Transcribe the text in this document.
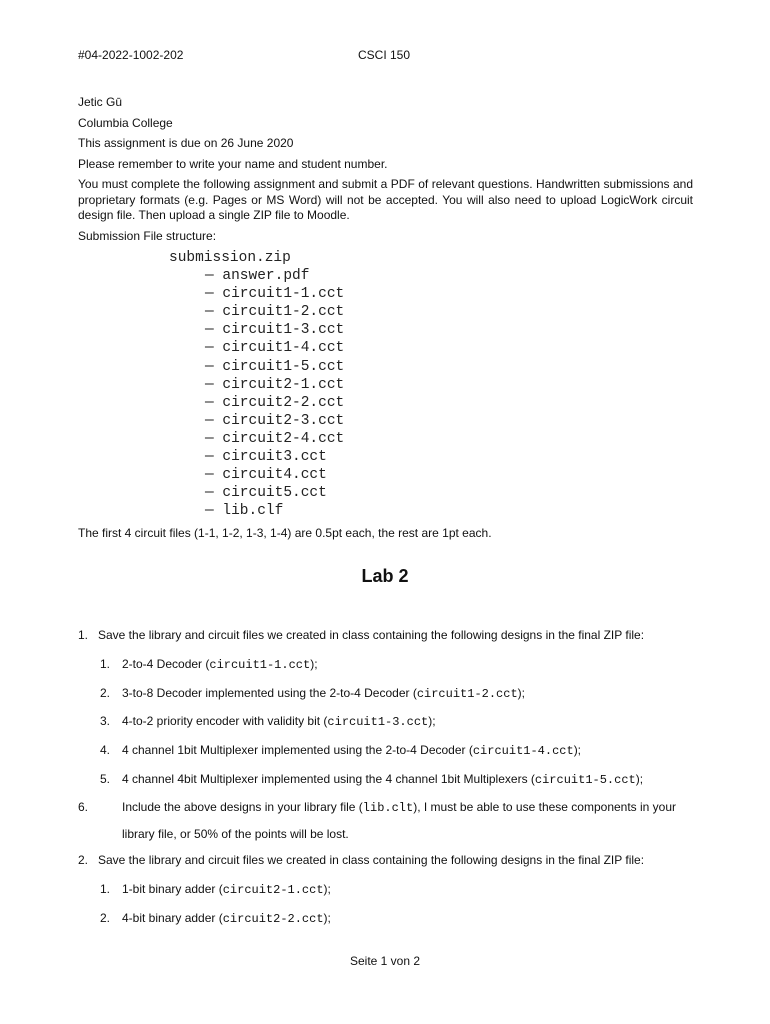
#04-2022-1002-202	CSCI 150

Jetic Gū

Columbia College

This assignment is due on 26 June 2020

Please remember to write your name and student number.

You must complete the following assignment and submit a PDF of relevant questions. Handwritten submissions and proprietary formats (e.g. Pages or MS Word) will not be accepted. You will also need to upload LogicWork circuit design file. Then upload a single ZIP file to Moodle.

Submission File structure:

submission.zip
— answer.pdf
— circuit1-1.cct
— circuit1-2.cct
— circuit1-3.cct
— circuit1-4.cct
— circuit1-5.cct
— circuit2-1.cct
— circuit2-2.cct
— circuit2-3.cct
— circuit2-4.cct
— circuit3.cct
— circuit4.cct
— circuit5.cct
— lib.clf
The first 4 circuit files (1-1, 1-2, 1-3, 1-4) are 0.5pt each, the rest are 1pt each.
Lab 2
1. Save the library and circuit files we created in class containing the following designs in the final ZIP file:
1. 2-to-4 Decoder (circuit1-1.cct);
2. 3-to-8 Decoder implemented using the 2-to-4 Decoder (circuit1-2.cct);
3. 4-to-2 priority encoder with validity bit (circuit1-3.cct);
4. 4 channel 1bit Multiplexer implemented using the 2-to-4 Decoder (circuit1-4.cct);
5. 4 channel 4bit Multiplexer implemented using the 4 channel 1bit Multiplexers (circuit1-5.cct);
6.	Include the above designs in your library file (lib.clt), I must be able to use these components in your library file, or 50% of the points will be lost.
2. Save the library and circuit files we created in class containing the following designs in the final ZIP file:
1. 1-bit binary adder (circuit2-1.cct);
2. 4-bit binary adder (circuit2-2.cct);
Seite 1 von 2
